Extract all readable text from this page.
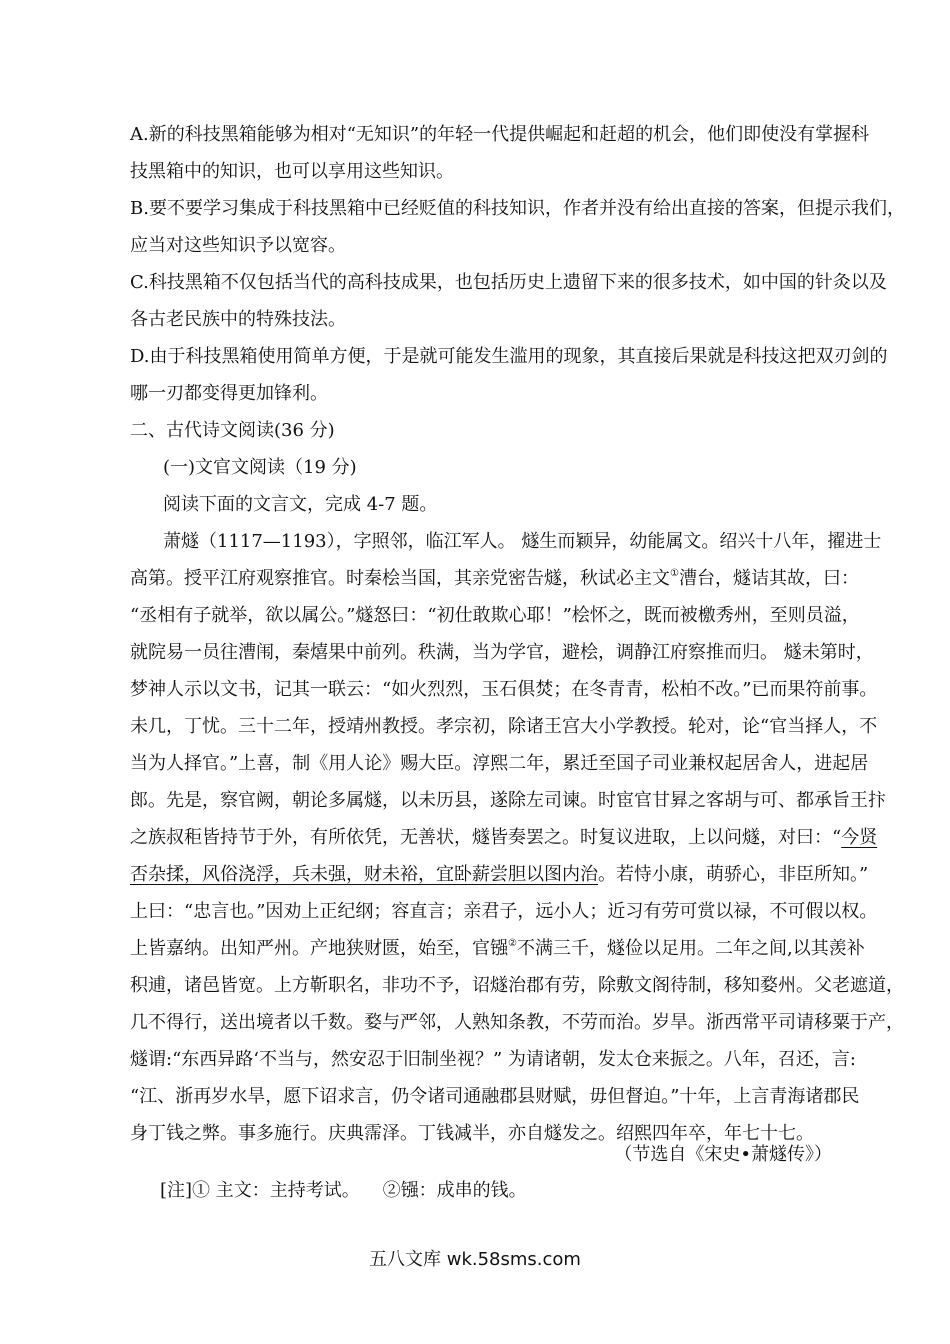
A.新的科技黑箱能够为相对“无知识”的年轻一代提供崛起和赶超的机会，他们即使没有掌握科
技黑箱中的知识，也可以享用这些知识。
B.要不要学习集成于科技黑箱中已经贬值的科技知识，作者并没有给出直接的答案，但提示我们，
应当对这些知识予以宽容。
C.科技黑箱不仅包括当代的高科技成果，也包括历史上遗留下来的很多技术，如中国的针灸以及
各古老民族中的特殊技法。
D.由于科技黑箱使用简单方便，于是就可能发生滥用的现象，其直接后果就是科技这把双刃剑的
哪一刃都变得更加锋利。
二、古代诗文阅读(36 分)
(一)文官文阅读（19 分)
阅读下面的文言文，完成 4-7 题。
萧燧（1117—1193），字照邻，临江军人。 燧生而颖异，幼能属文。绍兴十八年，擢进士
高第。授平江府观察推官。时秦桧当国，其亲党密告燧，秋试必主文①漕台，燧诘其故，曰：
“丞相有子就举，欲以属公。”燧怒曰：“初仕敢欺心耶！”桧怀之，既而被檄秀州，至则员溢，
就院易一员往漕闱，秦熺果中前列。秩满，当为学官，避桧，调静江府察推而归。 燧未第时，
梦神人示以文书，记其一联云：“如火烈烈，玉石俱焚；在冬青青，松柏不改。”已而果符前事。
未几，丁忧。三十二年，授靖州教授。孝宗初，除诸王宫大小学教授。轮对，论“官当择人，不
当为人择官。”上喜，制《用人论》赐大臣。淳熙二年，累迁至国子司业兼权起居舍人，进起居
郎。先是，察官阙，朝论多属燧，以未历县，遂除左司谏。时宦官甘昪之客胡与可、都承旨王抃
之族叔秬皆持节于外，有所依凭，无善状，燧皆奏罢之。时复议进取，上以问燧，对曰：“今贤
否杂揉，风俗浇浮，兵未强，财未裕，宜卧薪尝胆以图内治。若恃小康，萌骄心，非臣所知。”
上曰：“忠言也。”因劝上正纪纲；容直言；亲君子，远小人；近习有劳可赏以禄，不可假以权。
上皆嘉纳。出知严州。产地狭财匮，始至，官镪②不满三千，燧俭以足用。二年之间,以其羡补
积逋，诸邑皆宽。上方靳职名，非功不予，诏燧治郡有劳，除敷文阁待制，移知婺州。父老遮道，
几不得行，送出境者以千数。婺与严邻，人熟知条教，不劳而治。岁旱。浙西常平司请移粟于产，
燧谓:“东西异路‘不当与，然安忍于旧制坐视？” 为请诸朝，发太仓来振之。八年，召还，言:
“江、浙再岁水旱，愿下诏求言，仍令诸司通融郡县财赋，毋但督迫。”十年，上言青海诸郡民
身丁钱之弊。事多施行。庆典霈泽。丁钱减半，亦自燧发之。绍熙四年卒，年七十七。
（节选自《宋史•萧燧传》）
[注]① 主文：主持考试。    ②镪：成串的钱。
五八文库 wk.58sms.com
